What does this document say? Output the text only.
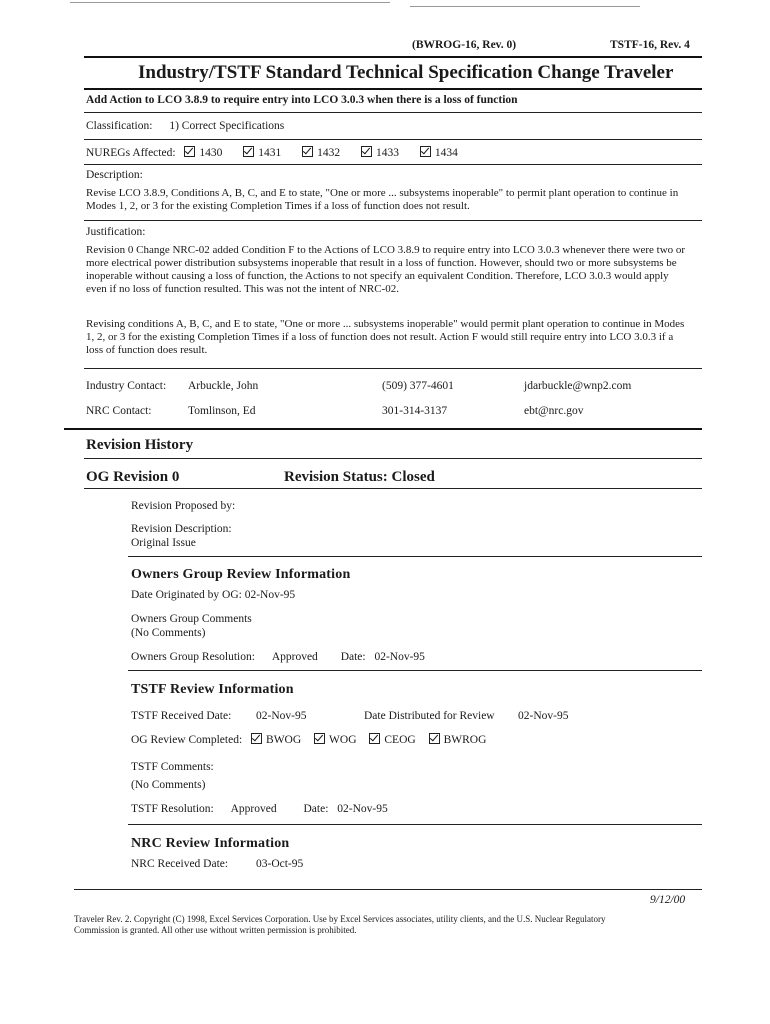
(BWROG-16, Rev. 0)	TSTF-16, Rev. 4
Industry/TSTF Standard Technical Specification Change Traveler
Add Action to LCO 3.8.9 to require entry into LCO 3.0.3 when there is a loss of function
Classification: 1) Correct Specifications
NUREGs Affected: 1430	1431	1432	1433	1434
Description:
Revise LCO 3.8.9, Conditions A, B, C, and E to state, "One or more ... subsystems inoperable" to permit plant operation to continue in Modes 1, 2, or 3 for the existing Completion Times if a loss of function does not result.
Justification:
Revision 0 Change NRC-02 added Condition F to the Actions of LCO 3.8.9 to require entry into LCO 3.0.3 whenever there were two or more electrical power distribution subsystems inoperable that result in a loss of function. However, should two or more subsystems be inoperable without causing a loss of function, the Actions to not specify an equivalent Condition. Therefore, LCO 3.0.3 would apply even if no loss of function resulted. This was not the intent of NRC-02.
Revising conditions A, B, C, and E to state, "One or more ... subsystems inoperable" would permit plant operation to continue in Modes 1, 2, or 3 for the existing Completion Times if a loss of function does not result. Action F would still require entry into LCO 3.0.3 if a loss of function does result.
Industry Contact: Arbuckle, John	(509) 377-4601	jdarbuckle@wnp2.com
NRC Contact:	Tomlinson, Ed	301-314-3137	ebt@nrc.gov
Revision History
OG Revision 0	Revision Status: Closed
Revision Proposed by:
Revision Description:
Original Issue
Owners Group Review Information
Date Originated by OG: 02-Nov-95
Owners Group Comments
(No Comments)
Owners Group Resolution: Approved Date: 02-Nov-95
TSTF Review Information
TSTF Received Date: 02-Nov-95	Date Distributed for Review 02-Nov-95
OG Review Completed: BWOG WOG CEOG BWROG
TSTF Comments:
(No Comments)
TSTF Resolution: Approved Date: 02-Nov-95
NRC Review Information
NRC Received Date: 03-Oct-95
9/12/00
Traveler Rev. 2. Copyright (C) 1998, Excel Services Corporation. Use by Excel Services associates, utility clients, and the U.S. Nuclear Regulatory Commission is granted. All other use without written permission is prohibited.
